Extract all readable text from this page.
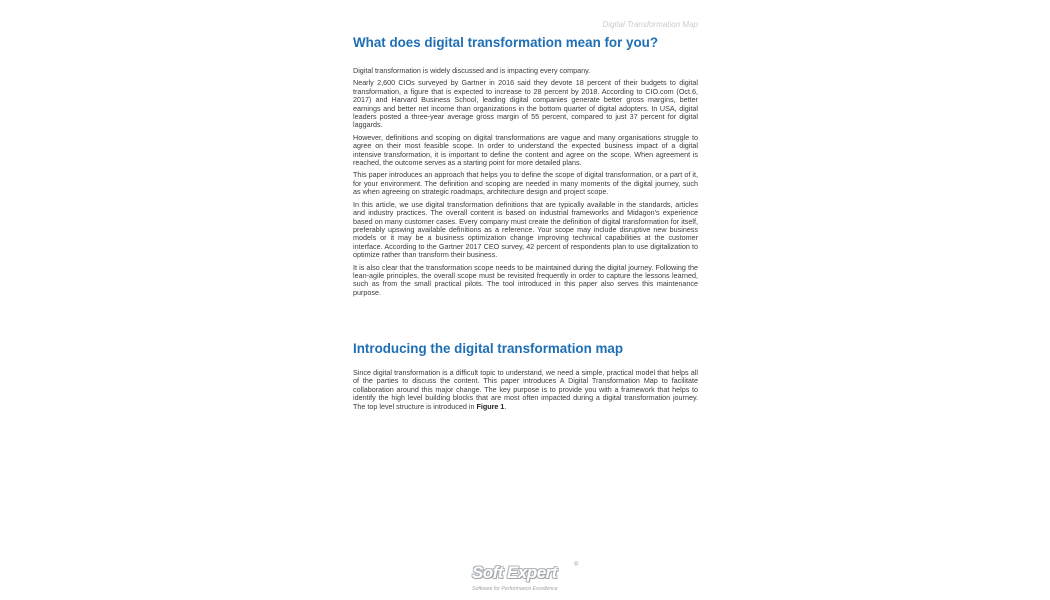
Digital Transformation Map
What does digital transformation mean for you?

Digital transformation is widely discussed and is impacting every company.

Nearly 2,600 CIOs surveyed by Gartner in 2016 said they devote 18 percent of their budgets to digital transformation, a figure that is expected to increase to 28 percent by 2018. According to CIO.com (Oct.6, 2017) and Harvard Business School, leading digital companies generate better gross margins, better earnings and better net income than organizations in the bottom quarter of digital adopters. In USA, digital leaders posted a three-year average gross margin of 55 percent, compared to just 37 percent for digital laggards.

However, definitions and scoping on digital transformations are vague and many organisations struggle to agree on their most feasible scope. In order to understand the expected business impact of a digital intensive transformation, it is important to define the content and agree on the scope. When agreement is reached, the outcome serves as a starting point for more detailed plans.

This paper introduces an approach that helps you to define the scope of digital transformation, or a part of it, for your environment. The definition and scoping are needed in many moments of the digital journey, such as when agreeing on strategic roadmaps, architecture design and project scope.

In this article, we use digital transformation definitions that are typically available in the standards, articles and industry practices. The overall content is based on industrial frameworks and Midagon's experience based on many customer cases. Every company must create the definition of digital transformation for itself, preferably upswing available definitions as a reference. Your scope may include disruptive new business models or it may be a business optimization change improving technical capabilities at the customer interface. According to the Gartner 2017 CEO survey, 42 percent of respondents plan to use digitalization to optimize rather than transform their business.

It is also clear that the transformation scope needs to be maintained during the digital journey. Following the lean-agile principles, the overall scope must be revisited frequently in order to capture the lessons learned, such as from the small practical pilots. The tool introduced in this paper also serves this maintenance purpose.

Introducing the digital transformation map

Since digital transformation is a difficult topic to understand, we need a simple, practical model that helps all of the parties to discuss the content. This paper introduces A Digital Transformation Map to facilitate collaboration around this major change. The key purpose is to provide you with a framework that helps to identify the high level building blocks that are most often impacted during a digital transformation journey. The top level structure is introduced in Figure 1.

Soft Expert	®
Software for Performance Excellence
